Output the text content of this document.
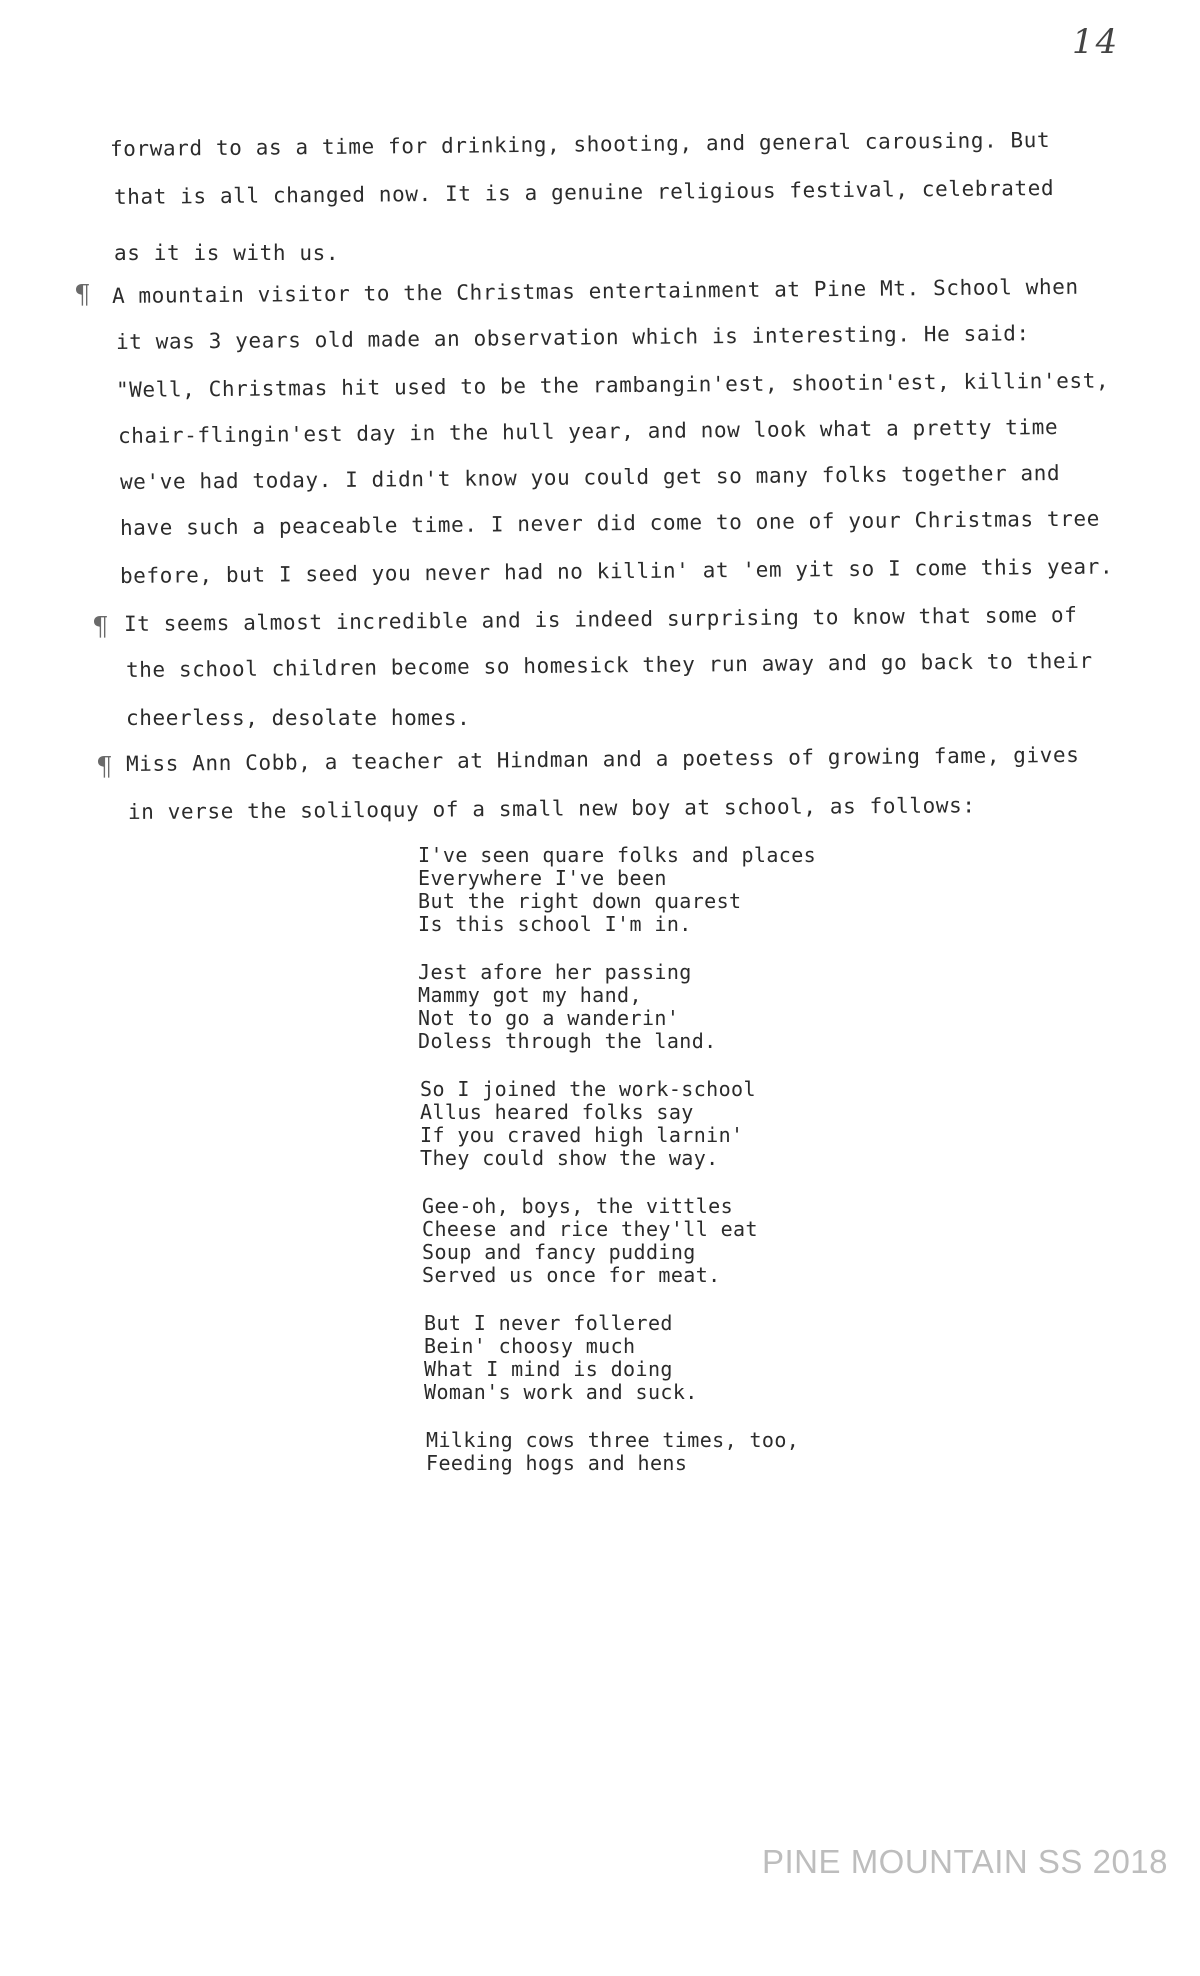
14
forward to as a time for drinking, shooting, and general carousing. But
that is all changed now. It is a genuine religious festival, celebrated
as it is with us.
¶ A mountain visitor to the Christmas entertainment at Pine Mt. School when
it was 3 years old made an observation which is interesting. He said:
"Well, Christmas hit used to be the rambangin'est, shootin'est, killin'est,
chair-flingin'est day in the hull year, and now look what a pretty time
we've had today. I didn't know you could get so many folks together and
have such a peaceable time. I never did come to one of your Christmas tree
before, but I seed you never had no killin' at 'em yit so I come this year.
¶ It seems almost incredible and is indeed surprising to know that some of
the school children become so homesick they run away and go back to their
cheerless, desolate homes.
¶ Miss Ann Cobb, a teacher at Hindman and a poetess of growing fame, gives
in verse the soliloquy of a small new boy at school, as follows:
I've seen quare folks and places
Everywhere I've been
But the right down quarest
Is this school I'm in.
Jest afore her passing
Mammy got my hand,
Not to go a wanderin'
Doless through the land.
So I joined the work-school
Allus heared folks say
If you craved high larnin'
They could show the way.
Gee-oh, boys, the vittles
Cheese and rice they'll eat
Soup and fancy pudding
Served us once for meat.
But I never follered
Bein' choosy much
What I mind is doing
Woman's work and suck.
Milking cows three times, too,
Feeding hogs and hens
PINE MOUNTAIN SS 2018
